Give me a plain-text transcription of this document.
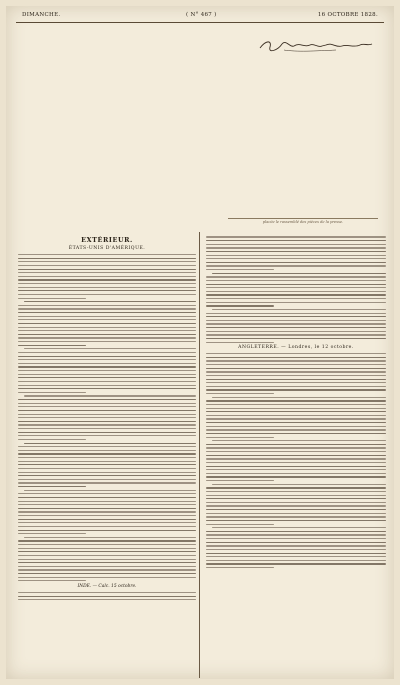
DIMANCHE.	( N° 467 )	16 OCTOBRE 1828.
placée le rassemblé des pièces de la presse.
EXTÉRIEUR.
ÉTATS-UNIS D'AMÉRIQUE.
INDE. — Calc. 15 octobre.
ANGLETERRE. — Londres, le 12 octobre.
